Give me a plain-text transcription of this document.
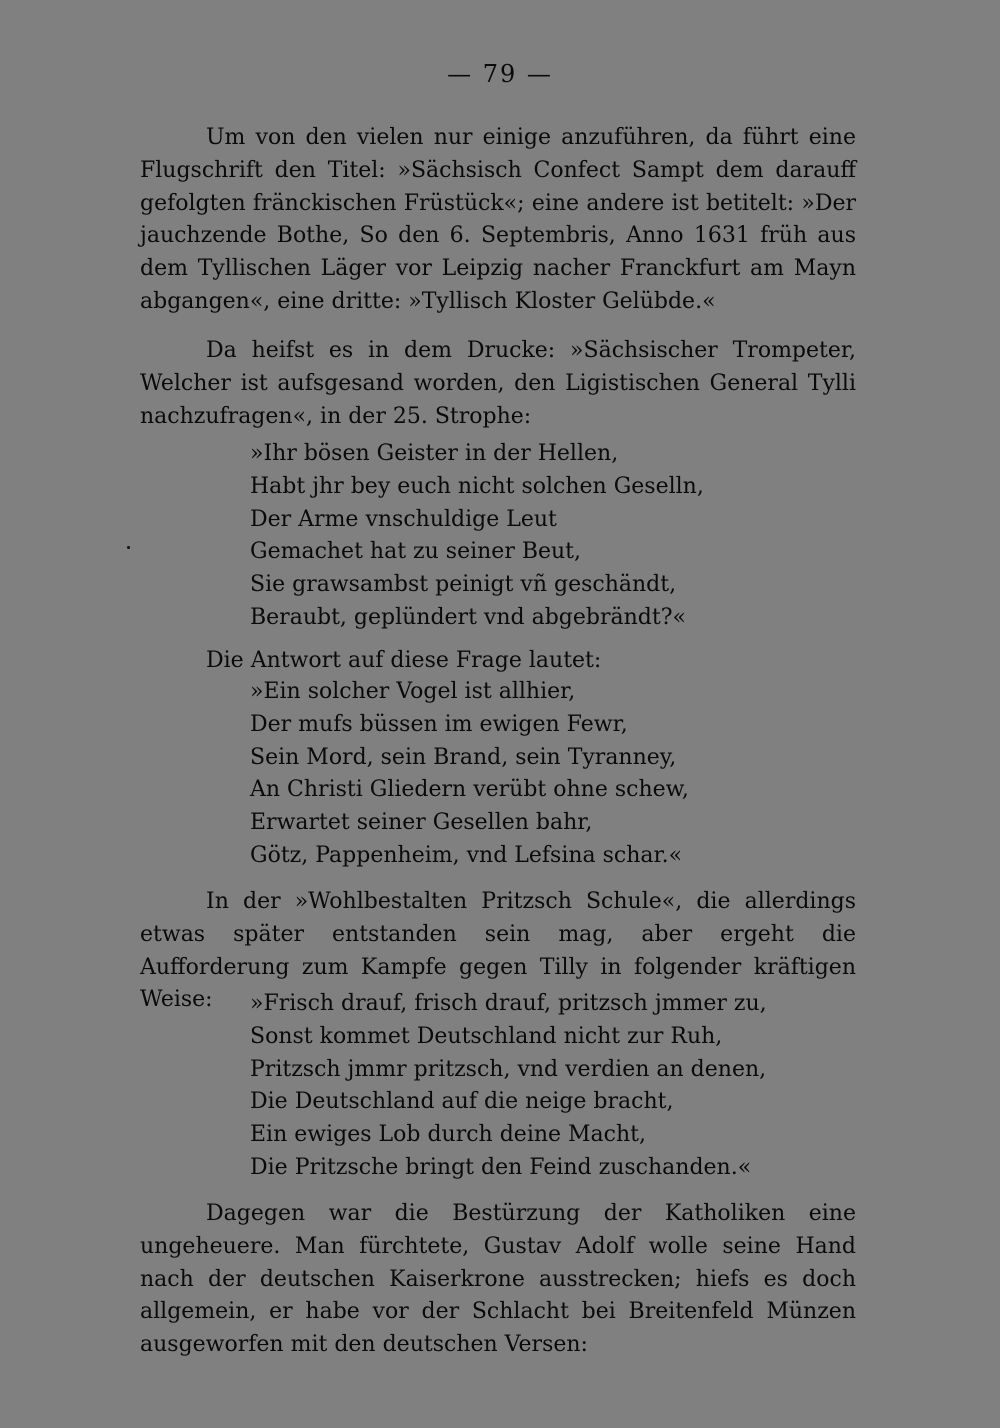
— 79 —

Um von den vielen nur einige anzuführen, da führt eine Flugschrift den Titel: »Sächsisch Confect Sampt dem darauff gefolgten fränckischen Früstück«; eine andere ist betitelt: »Der jauchzende Bothe, So den 6. Septembris, Anno 1631 früh aus dem Tyllischen Läger vor Leipzig nacher Franckfurt am Mayn abgangen«, eine dritte: »Tyllisch Kloster Gelübde.«

Da heifst es in dem Drucke: »Sächsischer Trompeter, Welcher ist aufsgesand worden, den Ligistischen General Tylli nachzufragen«, in der 25. Strophe:

»Ihr bösen Geister in der Hellen,
Habt jhr bey euch nicht solchen Geselln,
Der Arme vnschuldige Leut
Gemachet hat zu seiner Beut,
Sie grawsambst peinigt vñ geschändt,
Beraubt, geplündert vnd abgebrändt?«

Die Antwort auf diese Frage lautet:

»Ein solcher Vogel ist allhier,
Der mufs büssen im ewigen Fewr,
Sein Mord, sein Brand, sein Tyranney,
An Christi Gliedern verübt ohne schew,
Erwartet seiner Gesellen bahr,
Götz, Pappenheim, vnd Lefsina schar.«

In der »Wohlbestalten Pritzsch Schule«, die allerdings etwas später entstanden sein mag, aber ergeht die Aufforderung zum Kampfe gegen Tilly in folgender kräftigen Weise:	»Frisch drauf, frisch drauf, pritzsch jmmer zu,
Sonst kommet Deutschland nicht zur Ruh,
Pritzsch jmmr pritzsch, vnd verdien an denen,
Die Deutschland auf die neige bracht,
Ein ewiges Lob durch deine Macht,
Die Pritzsche bringt den Feind zuschanden.«

Dagegen war die Bestürzung der Katholiken eine ungeheuere. Man fürchtete, Gustav Adolf wolle seine Hand nach der deutschen Kaiserkrone ausstrecken; hiefs es doch allgemein, er habe vor der Schlacht bei Breitenfeld Münzen ausgeworfen mit den deutschen Versen:
